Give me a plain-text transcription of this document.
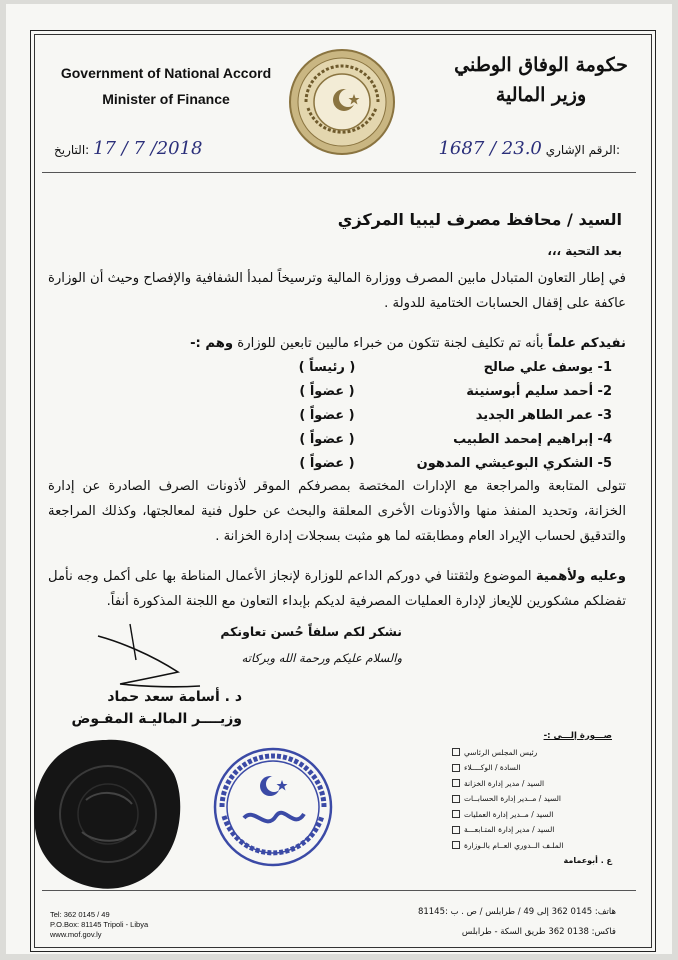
Government of National Accord
Minister of Finance
حكومة الوفاق الوطني
وزير المالية
2018/ 7 / 17 :التاريخ	:الرقم الإشاري 1687 / 23.0
السيد / محافظ مصرف ليبيا المركزي
بعد التحية ،،،
في إطار التعاون المتبادل مابين المصرف ووزارة المالية وترسيخاً لمبدأ الشفافية والإفصاح وحيث أن الوزارة عاكفة على إقفال الحسابات الختامية للدولة .
نفيدكم علماً بأنه تم تكليف لجنة تتكون من خبراء ماليين تابعين للوزارة وهم :-
1- يوسف علي صالح
( رئيساً )
2- أحمد سليم أبوسنينة
( عضواً )
3- عمر الطاهر الجديد
( عضواً )
4- إبراهيم إمحمد الطبيب
( عضواً )
5- الشكري البوعيشي المدهون
( عضواً )
تتولى المتابعة والمراجعة مع الإدارات المختصة بمصرفكم الموقر لأذونات الصرف الصادرة عن إدارة الخزانة، وتحديد المنفذ منها والأذونات الأخرى المعلقة والبحث عن حلول فنية لمعالجتها، وكذلك المراجعة والتدقيق لحساب الإيراد العام ومطابقته لما هو مثبت بسجلات إدارة الخزانة .
وعليه ولأهمية الموضوع ولثقتنا في دوركم الداعم للوزارة لإنجاز الأعمال المناطة بها على أكمل وجه نأمل تفضلكم مشكورين للإيعاز لإدارة العمليات المصرفية لديكم بإبداء التعاون مع اللجنة المذكورة أنفاً.
نشكر لكم سلفاً حُسن تعاونكم
والسلام عليكم ورحمة الله وبركاته
د . أسامة سعد حماد
وزيــــر الماليـة المفـوض
صـــورة إلـــى :-
رئيس المجلس الرئاسي
السادة / الوكــــلاء
السيد / مدير إدارة الخزانة
السيد / مــدير إدارة الحسابــات
السيد / مــدير إدارة العمليات
السيد / مدير إدارة المتـابعـــة
الملـف الــدوري العــام بالـوزارة
ع . أبوعمامة
Tel: 362 0145 / 49
P.O.Box: 81145 Tripoli - Libya
www.mof.gov.ly
هاتف: 0145 362 إلى 49 / طرابلس / ص . ب :81145
فاكس: 0138 362 طريق السكة - طرابلس
